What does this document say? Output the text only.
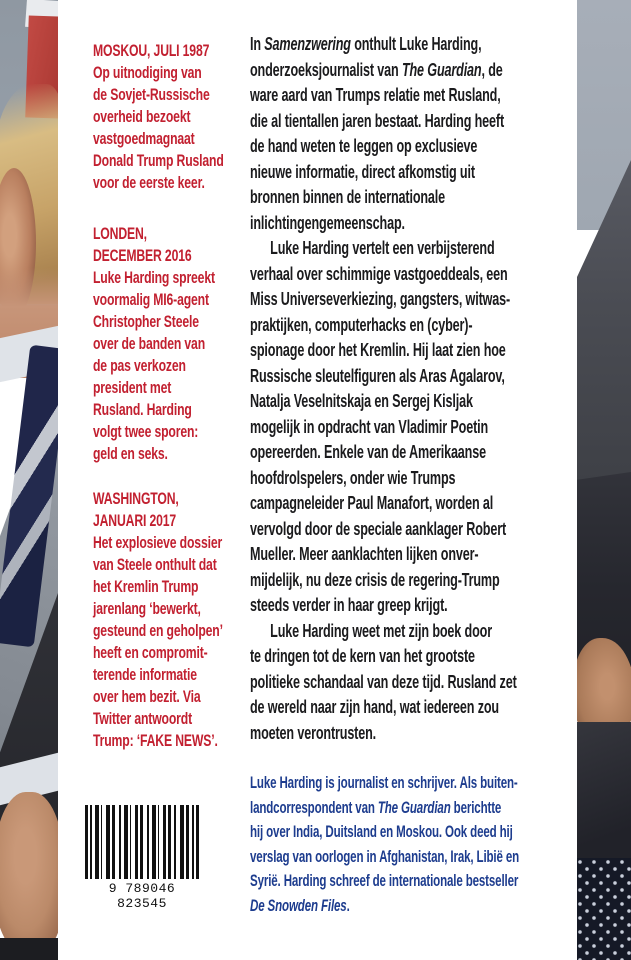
MOSKOU, JULI 1987
Op uitnodiging van
de Sovjet-Russische
overheid bezoekt
vastgoedmagnaat
Donald Trump Rusland
voor de eerste keer.
LONDEN,
DECEMBER 2016
Luke Harding spreekt
voormalig MI6-agent
Christopher Steele
over de banden van
de pas verkozen
president met
Rusland. Harding
volgt twee sporen:
geld en seks.
WASHINGTON,
JANUARI 2017
Het explosieve dossier
van Steele onthult dat
het Kremlin Trump
jarenlang ‘bewerkt,
gesteund en geholpen’
heeft en compromit-
terende informatie
over hem bezit. Via
Twitter antwoordt
Trump: ‘FAKE NEWS’.
In Samenzwering onthult Luke Harding,
onderzoeksjournalist van The Guardian, de
ware aard van Trumps relatie met Rusland,
die al tientallen jaren bestaat. Harding heeft
de hand weten te leggen op exclusieve
nieuwe informatie, direct afkomstig uit
bronnen binnen de internationale
inlichtingengemeenschap.
Luke Harding vertelt een verbijsterend
verhaal over schimmige vastgoeddeals, een
Miss Universeverkiezing, gangsters, witwas-
praktijken, computerhacks en (cyber)-
spionage door het Kremlin. Hij laat zien hoe
Russische sleutelfiguren als Aras Agalarov,
Natalja Veselnitskaja en Sergej Kisljak
mogelijk in opdracht van Vladimir Poetin
opereerden. Enkele van de Amerikaanse
hoofdrolspelers, onder wie Trumps
campagneleider Paul Manafort, worden al
vervolgd door de speciale aanklager Robert
Mueller. Meer aanklachten lijken onver-
mijdelijk, nu deze crisis de regering-Trump
steeds verder in haar greep krijgt.
Luke Harding weet met zijn boek door
te dringen tot de kern van het grootste
politieke schandaal van deze tijd. Rusland zet
de wereld naar zijn hand, wat iedereen zou
moeten verontrusten.
Luke Harding is journalist en schrijver. Als buiten-
landcorrespondent van The Guardian berichtte
hij over India, Duitsland en Moskou. Ook deed hij
verslag van oorlogen in Afghanistan, Irak, Libië en
Syrië. Harding schreef de internationale bestseller
De Snowden Files.
9 789046 823545
